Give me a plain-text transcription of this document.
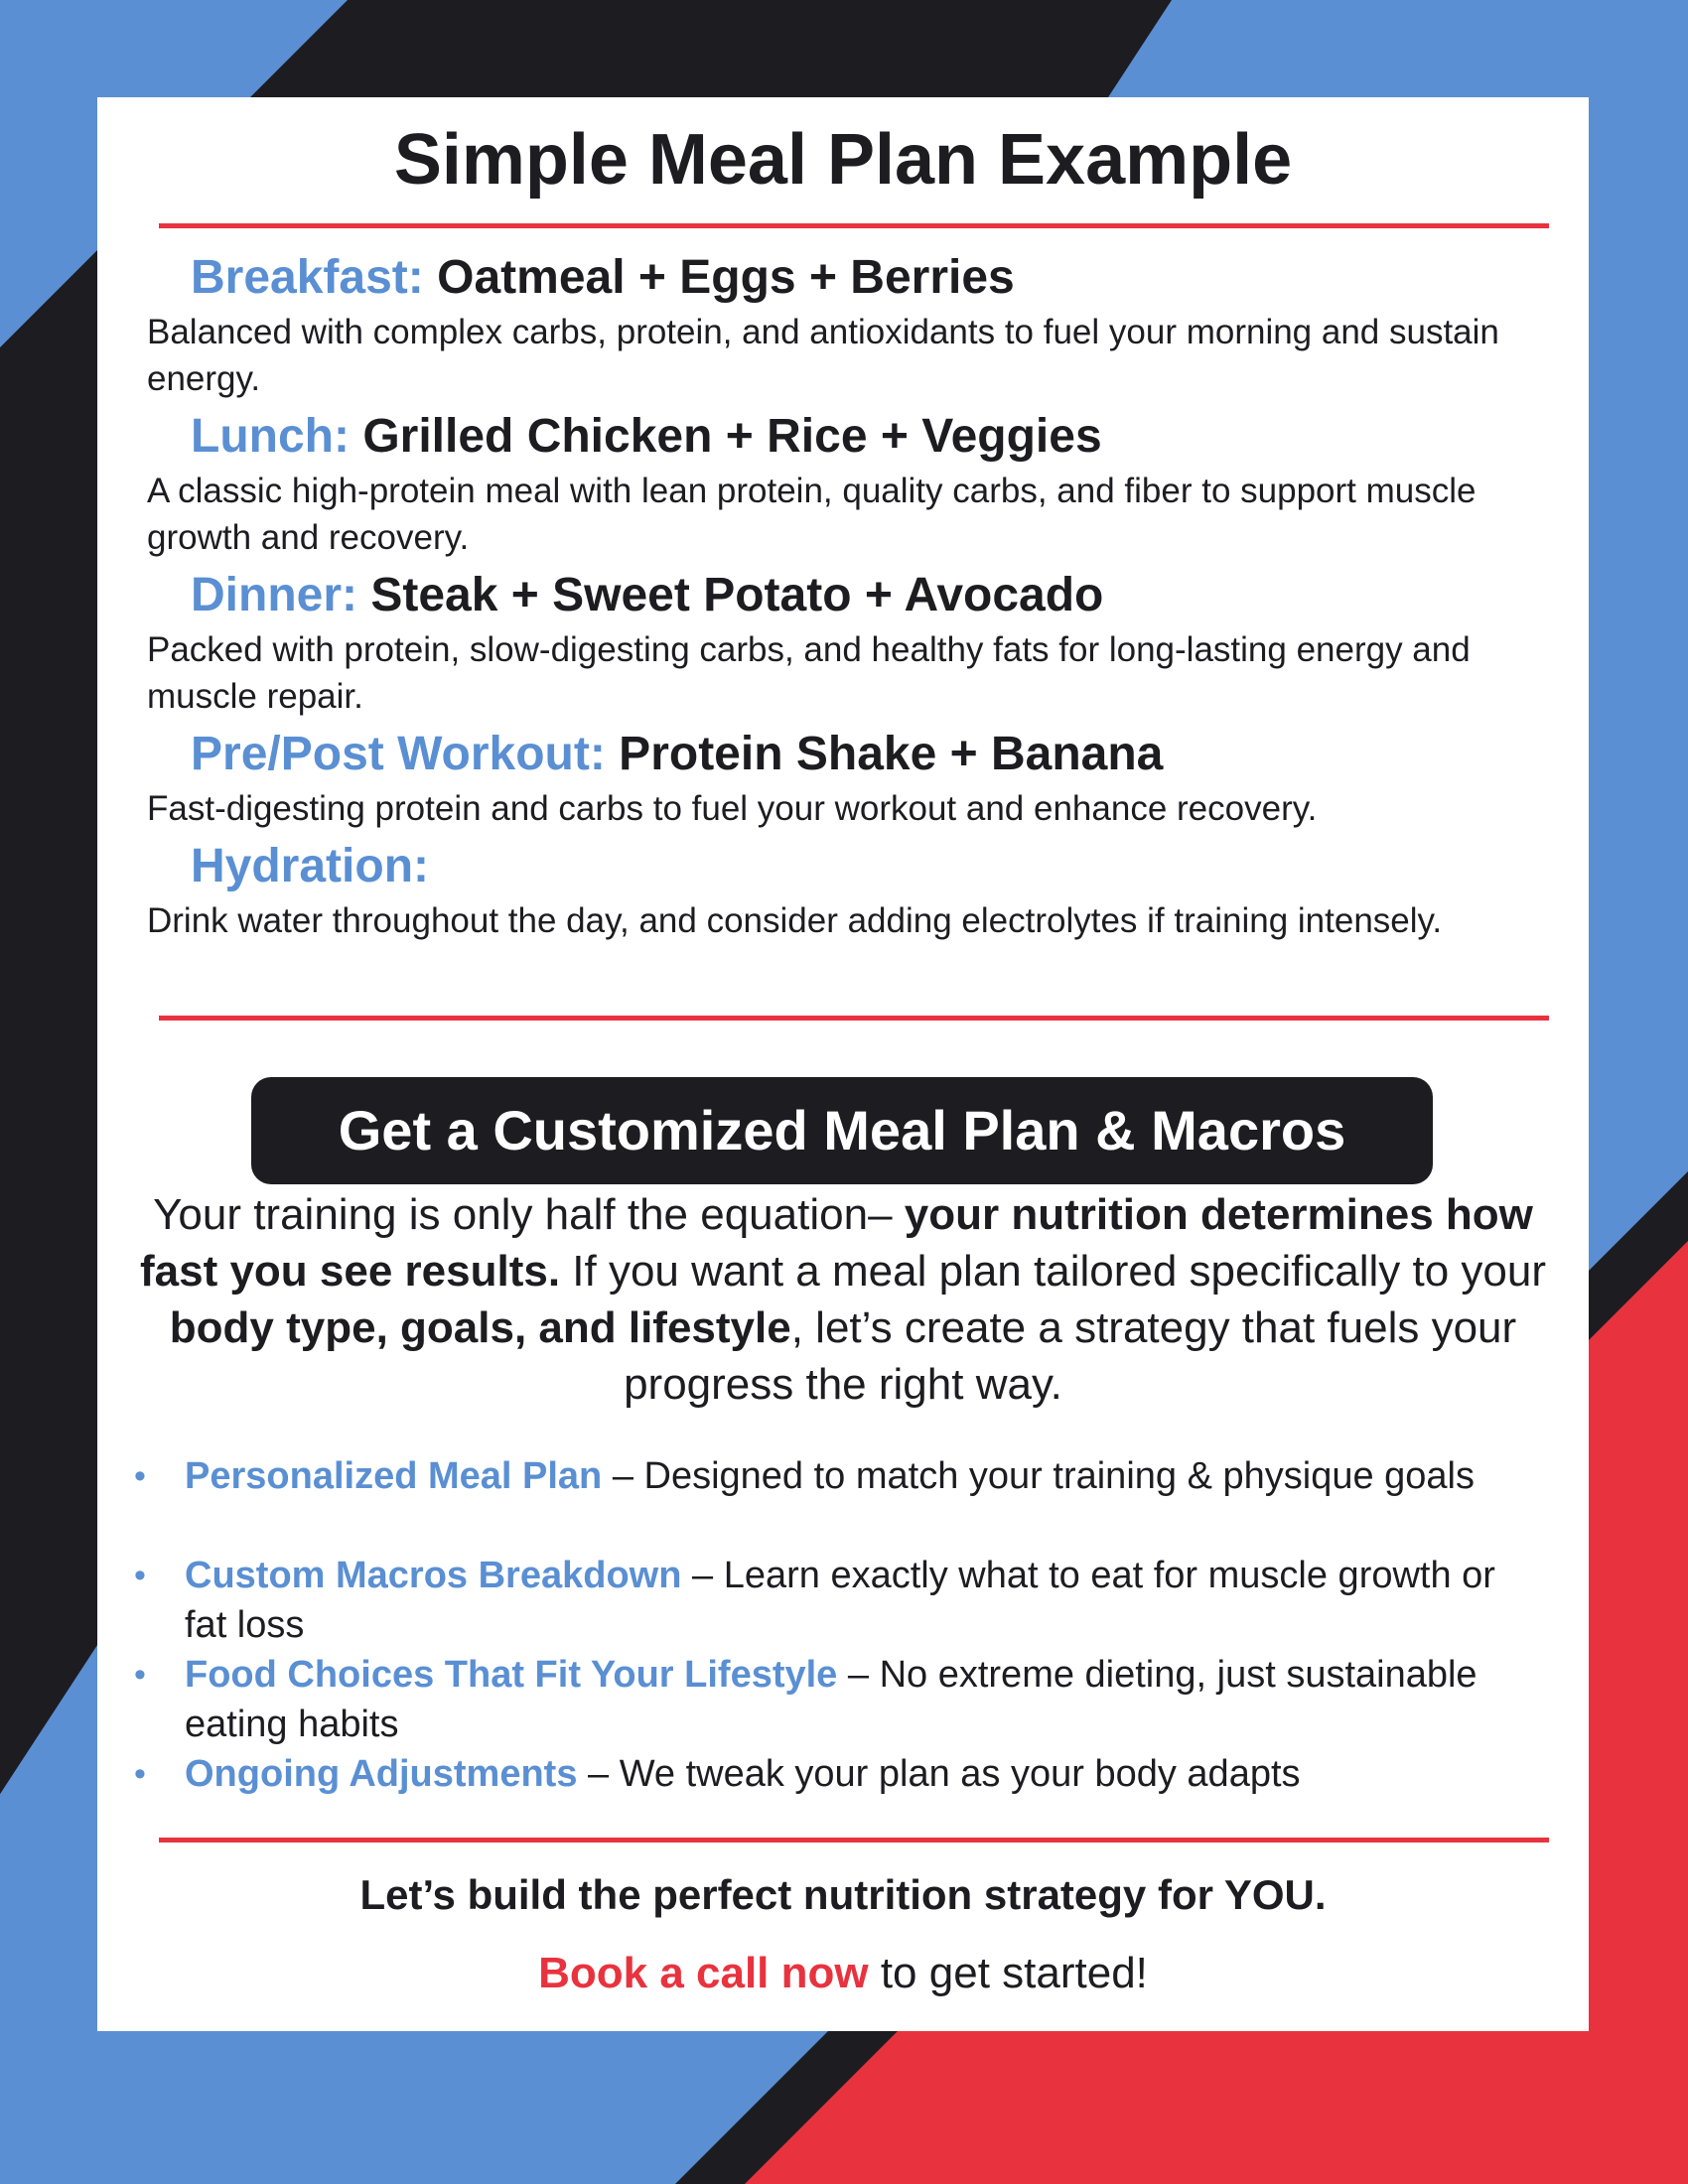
Simple Meal Plan Example
Breakfast: Oatmeal + Eggs + Berries
Balanced with complex carbs, protein, and antioxidants to fuel your morning and sustain energy.
Lunch: Grilled Chicken + Rice + Veggies
A classic high-protein meal with lean protein, quality carbs, and fiber to support muscle growth and recovery.
Dinner: Steak + Sweet Potato + Avocado
Packed with protein, slow-digesting carbs, and healthy fats for long-lasting energy and muscle repair.
Pre/Post Workout: Protein Shake + Banana
Fast-digesting protein and carbs to fuel your workout and enhance recovery.
Hydration:
Drink water throughout the day, and consider adding electrolytes if training intensely.
Get a Customized Meal Plan & Macros
Your training is only half the equation– your nutrition determines how fast you see results. If you want a meal plan tailored specifically to your body type, goals, and lifestyle, let’s create a strategy that fuels your progress the right way.
• Personalized Meal Plan – Designed to match your training & physique goals
• Custom Macros Breakdown – Learn exactly what to eat for muscle growth or fat loss
• Food Choices That Fit Your Lifestyle – No extreme dieting, just sustainable eating habits
• Ongoing Adjustments – We tweak your plan as your body adapts
Let’s build the perfect nutrition strategy for YOU.
Book a call now to get started!
